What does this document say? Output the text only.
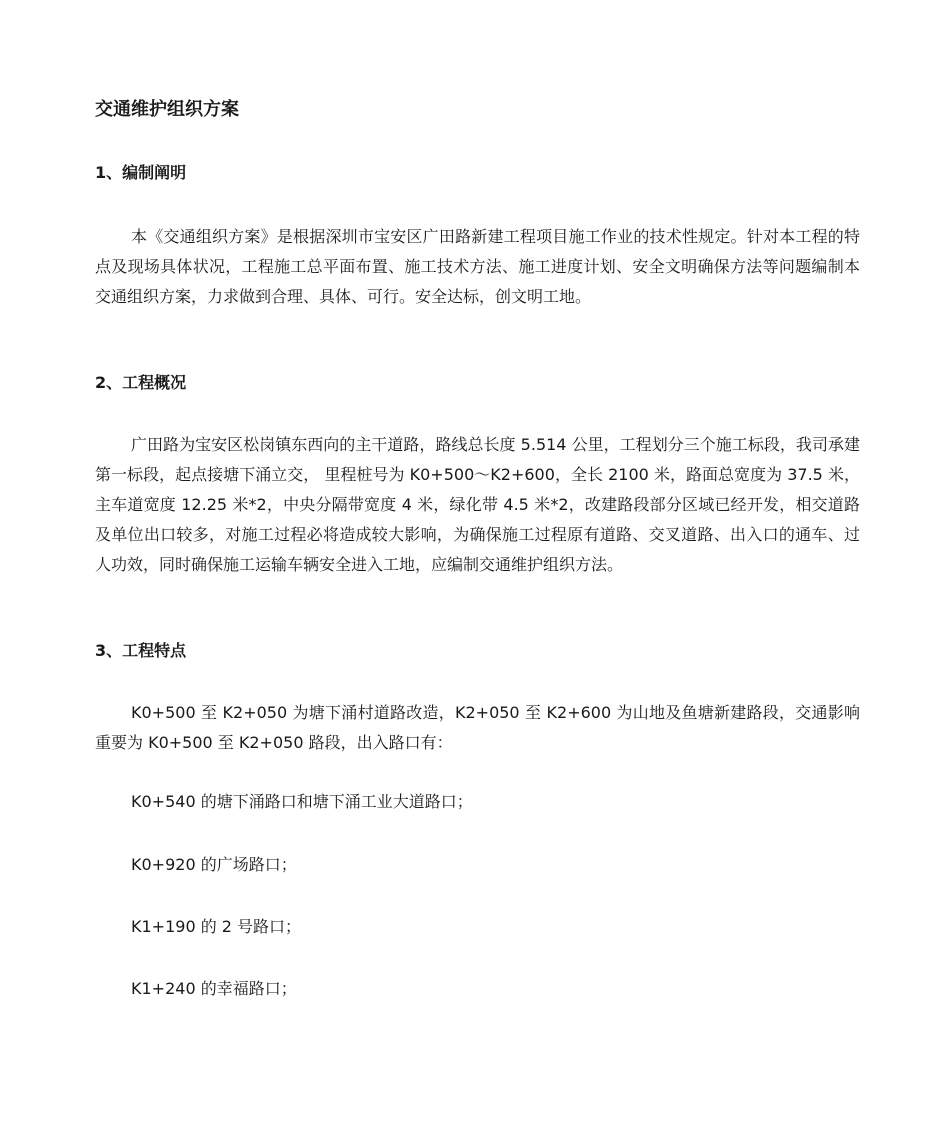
交通维护组织方案
1、编制阐明

本《交通组织方案》是根据深圳市宝安区广田路新建工程项目施工作业的技术性规定。针对本工程的特点及现场具体状况，工程施工总平面布置、施工技术方法、施工进度计划、安全文明确保方法等问题编制本交通组织方案，力求做到合理、具体、可行。安全达标，创文明工地。

2、工程概况

广田路为宝安区松岗镇东西向的主干道路，路线总长度 5.514 公里，工程划分三个施工标段，我司承建第一标段，起点接塘下涌立交， 里程桩号为 K0+500～K2+600，全长 2100 米，路面总宽度为 37.5 米，主车道宽度 12.25 米*2，中央分隔带宽度 4 米，绿化带 4.5 米*2，改建路段部分区域已经开发，相交道路及单位出口较多，对施工过程必将造成较大影响，为确保施工过程原有道路、交叉道路、出入口的通车、过人功效，同时确保施工运输车辆安全进入工地，应编制交通维护组织方法。

3、工程特点

K0+500 至 K2+050 为塘下涌村道路改造，K2+050 至 K2+600 为山地及鱼塘新建路段，交通影响重要为 K0+500 至 K2+050 路段，出入路口有：

K0+540 的塘下涌路口和塘下涌工业大道路口；

K0+920 的广场路口；

K1+190 的 2 号路口；

K1+240 的幸福路口；
